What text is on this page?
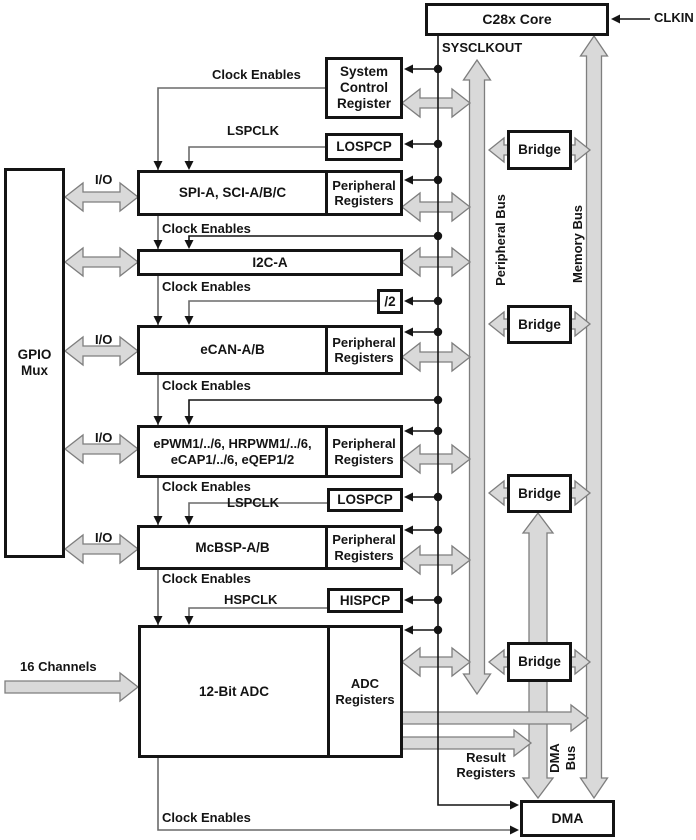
GPIO Mux
C28x Core
System Control Register
LOSPCP
SPI-A, SCI-A/B/C	Peripheral Registers
I2C-A
/2
eCAN-A/B	Peripheral Registers
ePWM1/../6, HRPWM1/../6,
eCAP1/../6, eQEP1/2
Peripheral Registers
LOSPCP
McBSP-A/B	Peripheral Registers
HISPCP
12-Bit ADC	ADC Registers
Bridge
Bridge
Bridge
Bridge
DMA
CLKIN
SYSCLKOUT
Clock Enables
LSPCLK
Clock Enables
Clock Enables
Clock Enables
Clock Enables
LSPCLK
Clock Enables
HSPCLK
Clock Enables
I/O
I/O
I/O
I/O
16 Channels
Result Registers
Peripheral Bus	Memory Bus
DMA Bus
